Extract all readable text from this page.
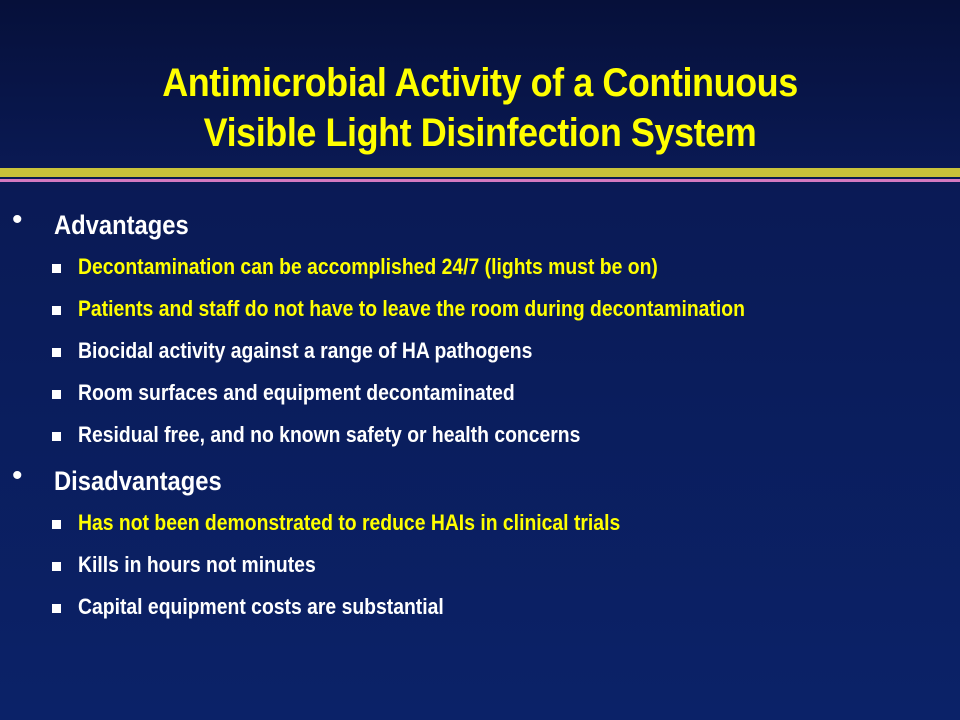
Antimicrobial Activity of a Continuous
Visible Light Disinfection System
• Advantages
Decontamination can be accomplished 24/7 (lights must be on)
Patients and staff do not have to leave the room during decontamination
Biocidal activity against a range of HA pathogens
Room surfaces and equipment decontaminated
Residual free, and no known safety or health concerns
• Disadvantages
Has not been demonstrated to reduce HAIs in clinical trials
Kills in hours not minutes
Capital equipment costs are substantial
